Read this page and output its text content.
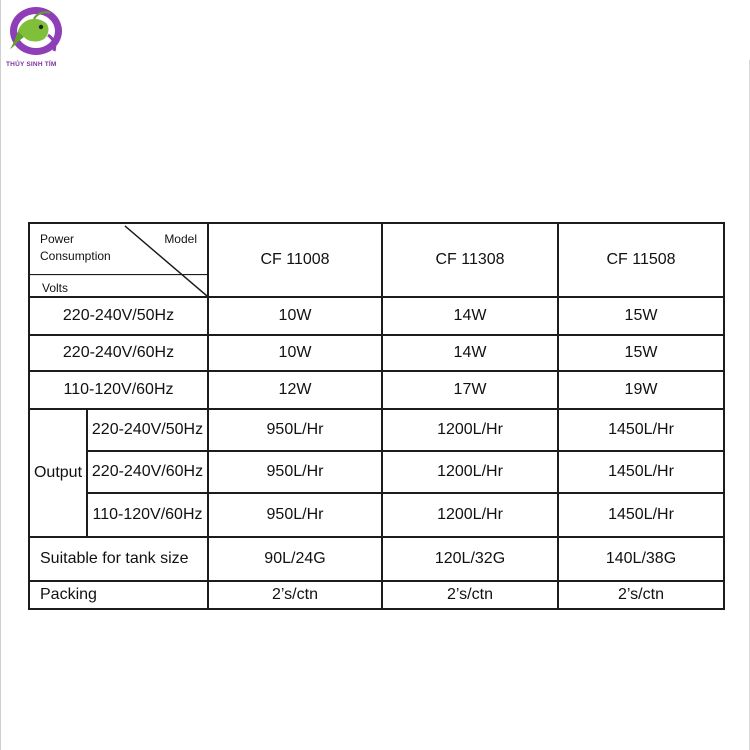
THỦY SINH TÍM
Power
Consumption
Model
Volts		CF 11008	CF 11308	CF 11508
220-240V/50Hz		10W	14W	15W
220-240V/60Hz		10W	14W	15W
110-120V/60Hz		12W	17W	19W
Output	220-240V/50Hz	950L/Hr	1200L/Hr	1450L/Hr
	220-240V/60Hz	950L/Hr	1200L/Hr	1450L/Hr
	110-120V/60Hz	950L/Hr	1200L/Hr	1450L/Hr
Suitable for tank size		90L/24G	120L/32G	140L/38G
Packing		2’s/ctn	2’s/ctn	2’s/ctn
